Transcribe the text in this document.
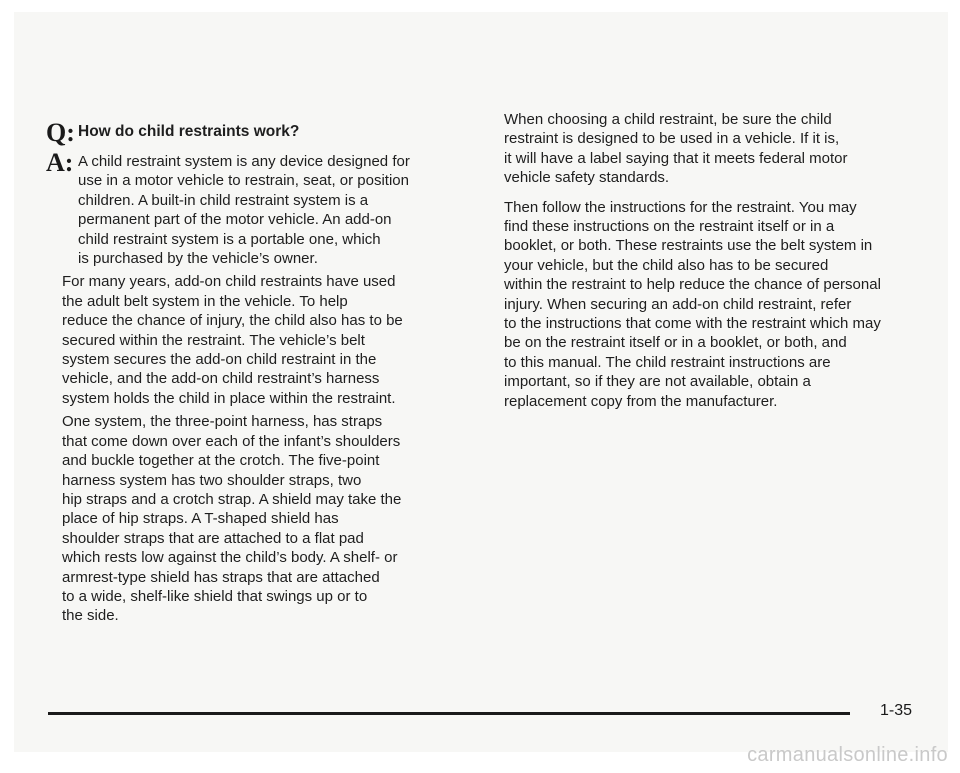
Q: How do child restraints work?
A: A child restraint system is any device designed for
use in a motor vehicle to restrain, seat, or position
children. A built-in child restraint system is a
permanent part of the motor vehicle. An add-on
child restraint system is a portable one, which
is purchased by the vehicle’s owner.

For many years, add-on child restraints have used
the adult belt system in the vehicle. To help
reduce the chance of injury, the child also has to be
secured within the restraint. The vehicle’s belt
system secures the add-on child restraint in the
vehicle, and the add-on child restraint’s harness
system holds the child in place within the restraint.

One system, the three-point harness, has straps
that come down over each of the infant’s shoulders
and buckle together at the crotch. The five-point
harness system has two shoulder straps, two
hip straps and a crotch strap. A shield may take the
place of hip straps. A T-shaped shield has
shoulder straps that are attached to a flat pad
which rests low against the child’s body. A shelf- or
armrest-type shield has straps that are attached
to a wide, shelf-like shield that swings up or to
the side.

When choosing a child restraint, be sure the child
restraint is designed to be used in a vehicle. If it is,
it will have a label saying that it meets federal motor
vehicle safety standards.

Then follow the instructions for the restraint. You may
find these instructions on the restraint itself or in a
booklet, or both. These restraints use the belt system in
your vehicle, but the child also has to be secured
within the restraint to help reduce the chance of personal
injury. When securing an add-on child restraint, refer
to the instructions that come with the restraint which may
be on the restraint itself or in a booklet, or both, and
to this manual. The child restraint instructions are
important, so if they are not available, obtain a
replacement copy from the manufacturer.

1-35
carmanualsonline.info
